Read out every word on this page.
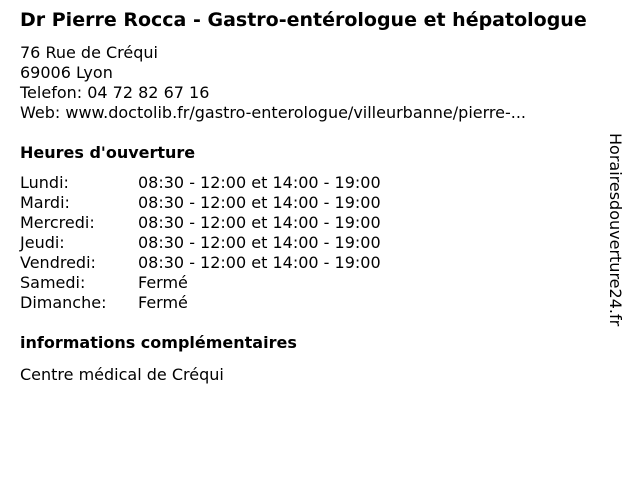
Dr Pierre Rocca - Gastro-entérologue et hépatologue
76 Rue de Créqui
69006 Lyon
Telefon: 04 72 82 67 16
Web: www.doctolib.fr/gastro-enterologue/villeurbanne/pierre-...
Heures d'ouverture
Lundi:	08:30 - 12:00 et 14:00 - 19:00
Mardi:	08:30 - 12:00 et 14:00 - 19:00
Mercredi:	08:30 - 12:00 et 14:00 - 19:00
Jeudi:	08:30 - 12:00 et 14:00 - 19:00
Vendredi:	08:30 - 12:00 et 14:00 - 19:00
Samedi:	Fermé
Dimanche: Fermé
informations complémentaires
Centre médical de Créqui
Horairesdouverture24.fr
